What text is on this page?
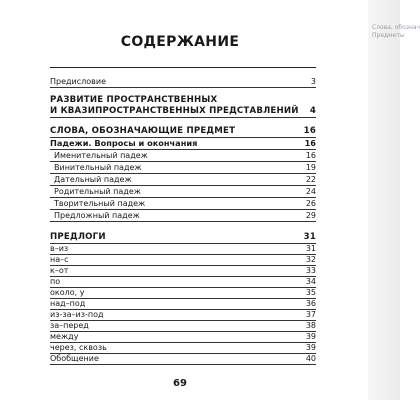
СОДЕРЖАНИЕ
Предисловие	3
РАЗВИТИЕ ПРОСТРАНСТВЕННЫХ
И КВАЗИПРОСТРАНСТВЕННЫХ ПРЕДСТАВЛЕНИЙ 4
СЛОВА, ОБОЗНАЧАЮЩИЕ ПРЕДМЕТ	16
Падежи. Вопросы и окончания	16
Именительный падеж	16
Винительный падеж	19
Дательный падеж	22
Родительный падеж	24
Творительный падеж	26
Предложный падеж	29
ПРЕДЛОГИ	31
в–из	31
на–с	32
к–от	33
по	34
около, у	35
над–под	36
из-за–из-под	37
за–перед	38
между	39
через, сквозь	39
Обобщение	40
69
Слова, обознач
Предметы
